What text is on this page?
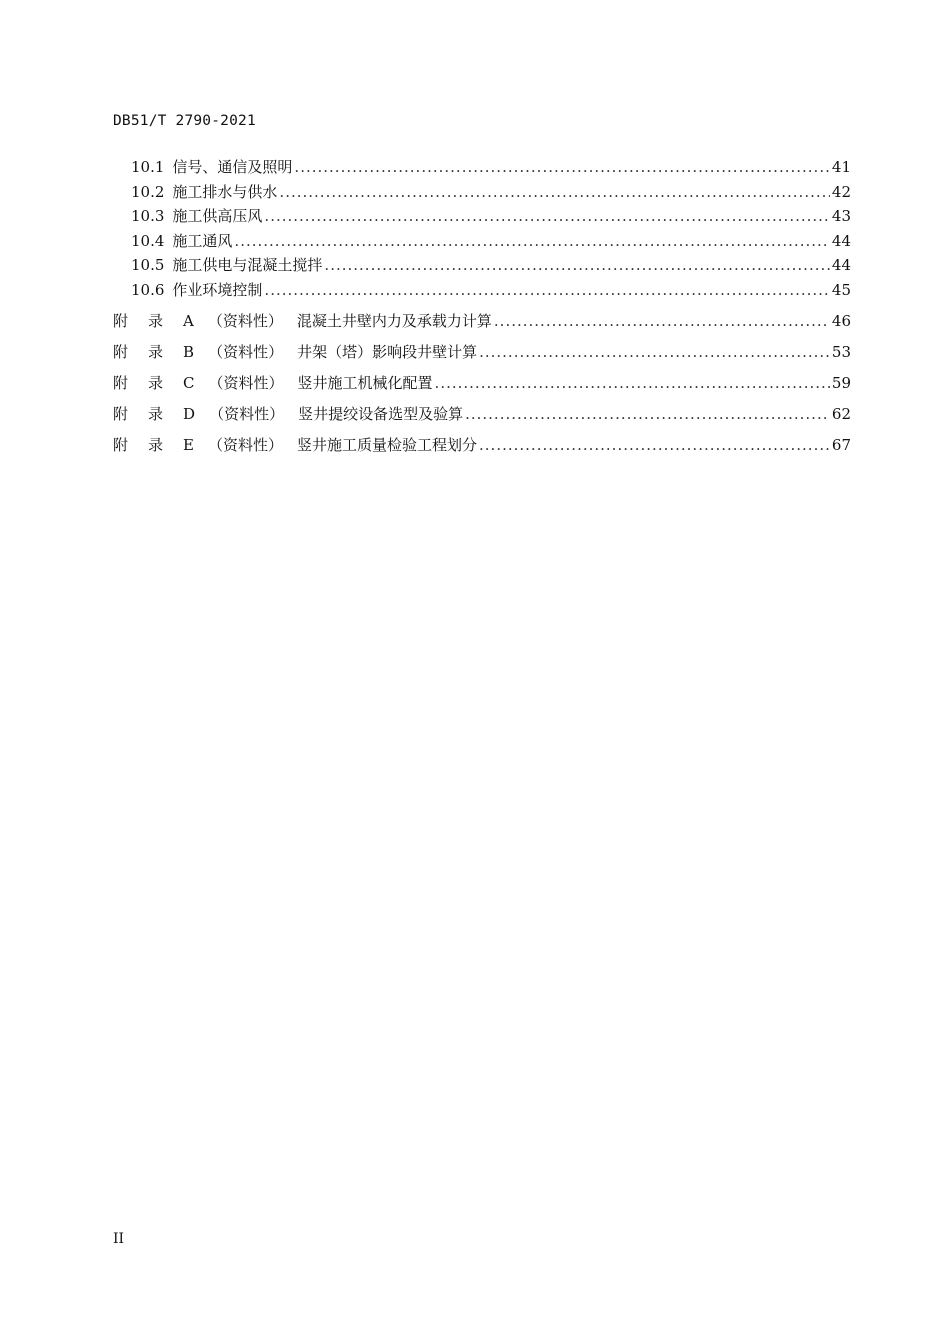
DB51/T 2790-2021
10.1 信号、通信及照明 .....	41
10.2 施工排水与供水 .....	42
10.3 施工供高压风 .....	43
10.4 施工通风 .....	44
10.5 施工供电与混凝土搅拌 .....	44
10.6 作业环境控制 .....	45
附 录 A （资料性） 混凝土井壁内力及承载力计算 .....	46
附 录 B （资料性） 井架（塔）影响段井壁计算 .....	53
附 录 C （资料性） 竖井施工机械化配置 .....	59
附 录 D （资料性） 竖井提绞设备选型及验算 .....	62
附 录 E （资料性） 竖井施工质量检验工程划分 .....	67
II
